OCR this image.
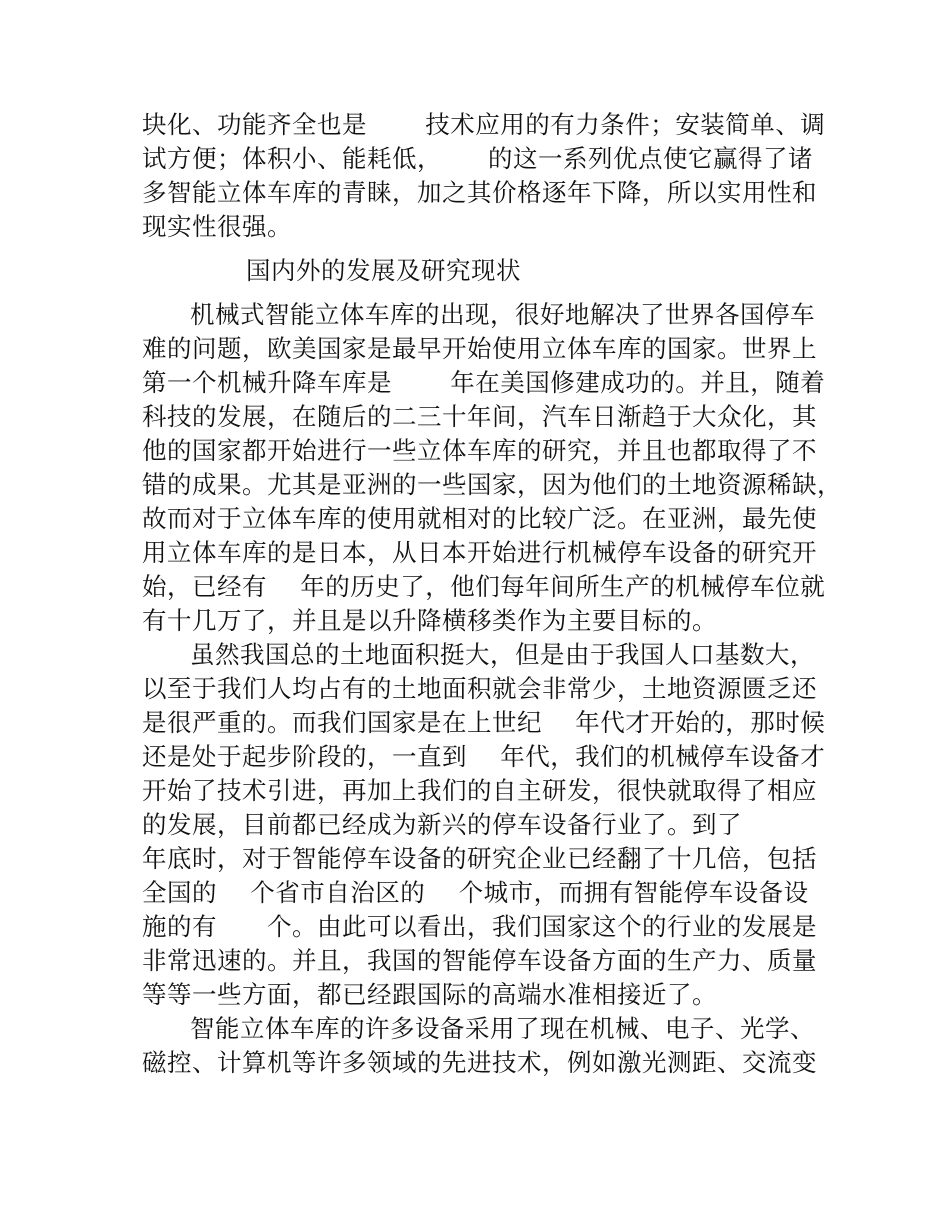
块化、功能齐全也是　　 技术应用的有力条件；安装简单、调
试方便；体积小、能耗低，　　 的这一系列优点使它赢得了诸
多智能立体车库的青睐，加之其价格逐年下降，所以实用性和
现实性很强。
国内外的发展及研究现状
机械式智能立体车库的出现，很好地解决了世界各国停车
难的问题，欧美国家是最早开始使用立体车库的国家。世界上
第一个机械升降车库是　　 年在美国修建成功的。并且，随着
科技的发展，在随后的二三十年间，汽车日渐趋于大众化，其
他的国家都开始进行一些立体车库的研究，并且也都取得了不
错的成果。尤其是亚洲的一些国家，因为他们的土地资源稀缺，
故而对于立体车库的使用就相对的比较广泛。在亚洲，最先使
用立体车库的是日本，从日本开始进行机械停车设备的研究开
始，已经有　 年的历史了，他们每年间所生产的机械停车位就
有十几万了，并且是以升降横移类作为主要目标的。
虽然我国总的土地面积挺大，但是由于我国人口基数大，
以至于我们人均占有的土地面积就会非常少，土地资源匮乏还
是很严重的。而我们国家是在上世纪　 年代才开始的，那时候
还是处于起步阶段的，一直到　 年代，我们的机械停车设备才
开始了技术引进，再加上我们的自主研发，很快就取得了相应
的发展，目前都已经成为新兴的停车设备行业了。到了
年底时，对于智能停车设备的研究企业已经翻了十几倍，包括
全国的　 个省市自治区的　 个城市，而拥有智能停车设备设
施的有　　个。由此可以看出，我们国家这个的行业的发展是
非常迅速的。并且，我国的智能停车设备方面的生产力、质量
等等一些方面，都已经跟国际的高端水准相接近了。
智能立体车库的许多设备采用了现在机械、电子、光学、
磁控、计算机等许多领域的先进技术，例如激光测距、交流变
